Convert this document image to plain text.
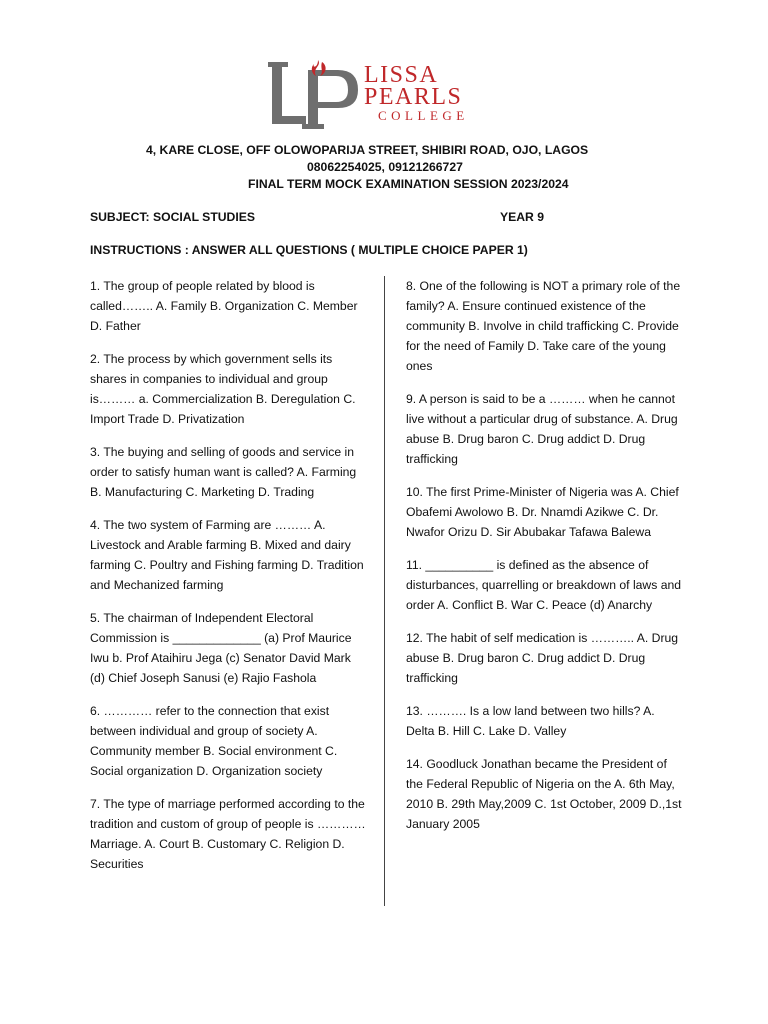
LISSA
PEARLS
COLLEGE
4, KARE CLOSE, OFF OLOWOPARIJA STREET, SHIBIRI ROAD, OJO, LAGOS
08062254025, 09121266727
FINAL TERM MOCK EXAMINATION SESSION 2023/2024
SUBJECT: SOCIAL STUDIES	YEAR 9
INSTRUCTIONS : ANSWER ALL QUESTIONS ( MULTIPLE CHOICE PAPER 1)

1. The group of people related by blood is called…….. A. Family B. Organization C. Member D. Father

2. The process by which government sells its shares in companies to individual and group is……… a. Commercialization B. Deregulation C. Import Trade D. Privatization

3. The buying and selling of goods and service in order to satisfy human want is called? A. Farming B. Manufacturing C. Marketing D. Trading

4. The two system of Farming are ……… A. Livestock and Arable farming B. Mixed and dairy farming C. Poultry and Fishing farming D. Tradition and Mechanized farming

5. The chairman of Independent Electoral Commission is _____________ (a) Prof Maurice Iwu b. Prof Ataihiru Jega (c) Senator David Mark (d) Chief Joseph Sanusi (e) Rajio Fashola

6. ………… refer to the connection that exist between individual and group of society A. Community member B. Social environment C. Social organization D. Organization society

7. The type of marriage performed according to the tradition and custom of group of people is ………… Marriage. A. Court B. Customary C. Religion D. Securities

8. One of the following is NOT a primary role of the family? A. Ensure continued existence of the community B. Involve in child trafficking C. Provide for the need of Family D. Take care of the young ones

9. A person is said to be a ……… when he cannot live without a particular drug of substance. A. Drug abuse B. Drug baron C. Drug addict D. Drug trafficking

10. The first Prime-Minister of Nigeria was A. Chief Obafemi Awolowo B. Dr. Nnamdi Azikwe C. Dr. Nwafor Orizu D. Sir Abubakar Tafawa Balewa

11. __________ is defined as the absence of disturbances, quarrelling or breakdown of laws and order A. Conflict B. War C. Peace (d) Anarchy

12. The habit of self medication is ……….. A. Drug abuse B. Drug baron C. Drug addict D. Drug trafficking

13. ………. Is a low land between two hills? A. Delta B. Hill C. Lake D. Valley

14. Goodluck Jonathan became the President of the Federal Republic of Nigeria on the A. 6th May, 2010 B. 29th May,2009 C. 1st October, 2009 D.,1st January 2005
